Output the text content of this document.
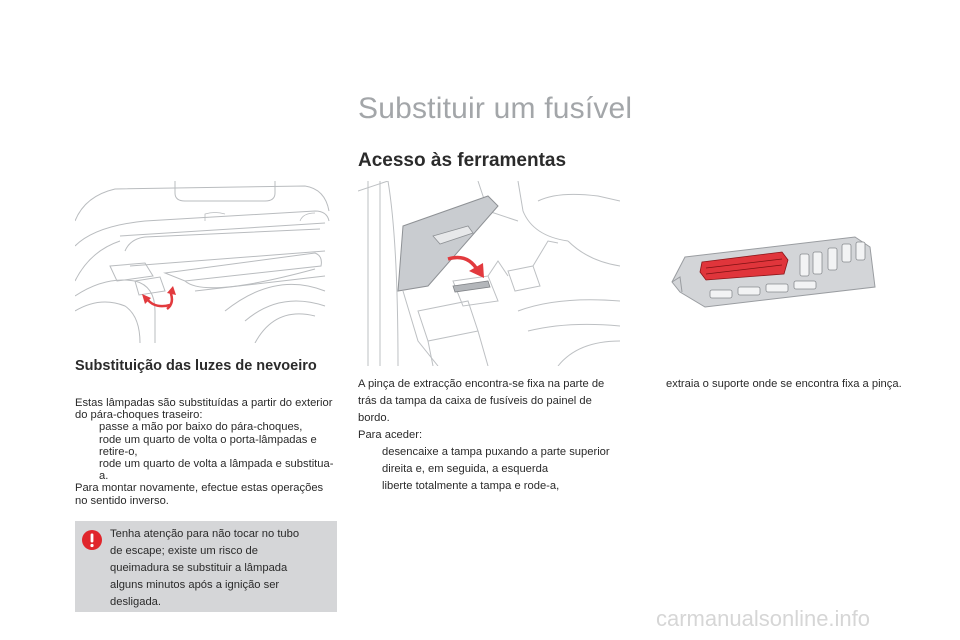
Substituir um fusível
Acesso às ferramentas
Substituição das luzes de nevoeiro
Estas lâmpadas são substituídas a partir do exterior do pára-choques traseiro:
passe a mão por baixo do pára-choques,
rode um quarto de volta o porta-lâmpadas e retire-o,
rode um quarto de volta a lâmpada e substitua-a.
Para montar novamente, efectue estas operações no sentido inverso.
Tenha atenção para não tocar no tubo de escape; existe um risco de queimadura se substituir a lâmpada alguns minutos após a ignição ser desligada.
A pinça de extracção encontra-se fixa na parte de trás da tampa da caixa de fusíveis do painel de bordo.
Para aceder:
desencaixe a tampa puxando a parte superior direita e, em seguida, a esquerda
liberte totalmente a tampa e rode-a,
extraia o suporte onde se encontra fixa a pinça.
carmanualsonline.info
